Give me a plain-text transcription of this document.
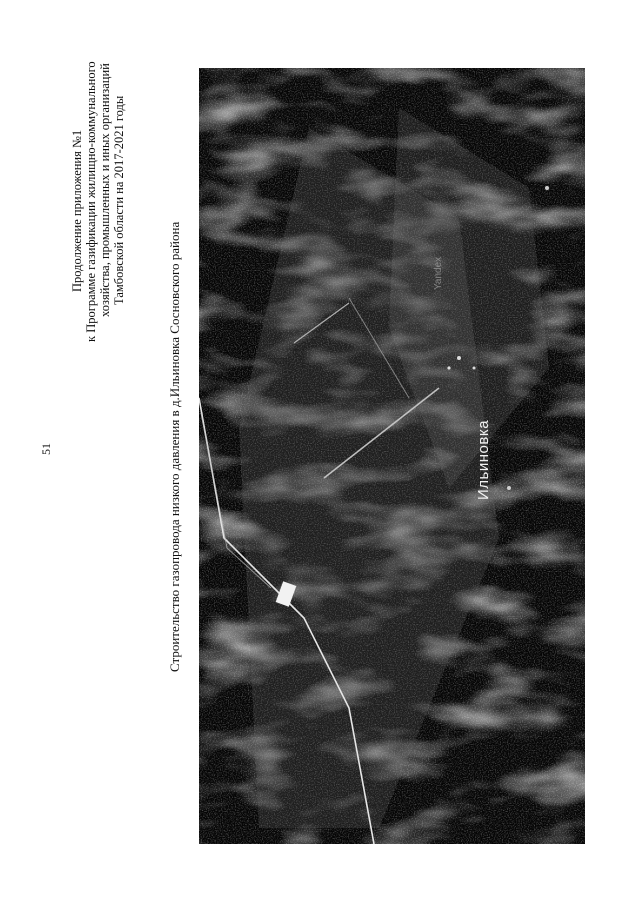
51
Продолжение приложения №1 к Программе газификации жилищно-коммунального хозяйства, промышленных и иных организаций Тамбовской области на 2017-2021 годы
Строительство газопровода низкого давления в д.Ильиновка Сосновского района	Ильиновка
Yandex
